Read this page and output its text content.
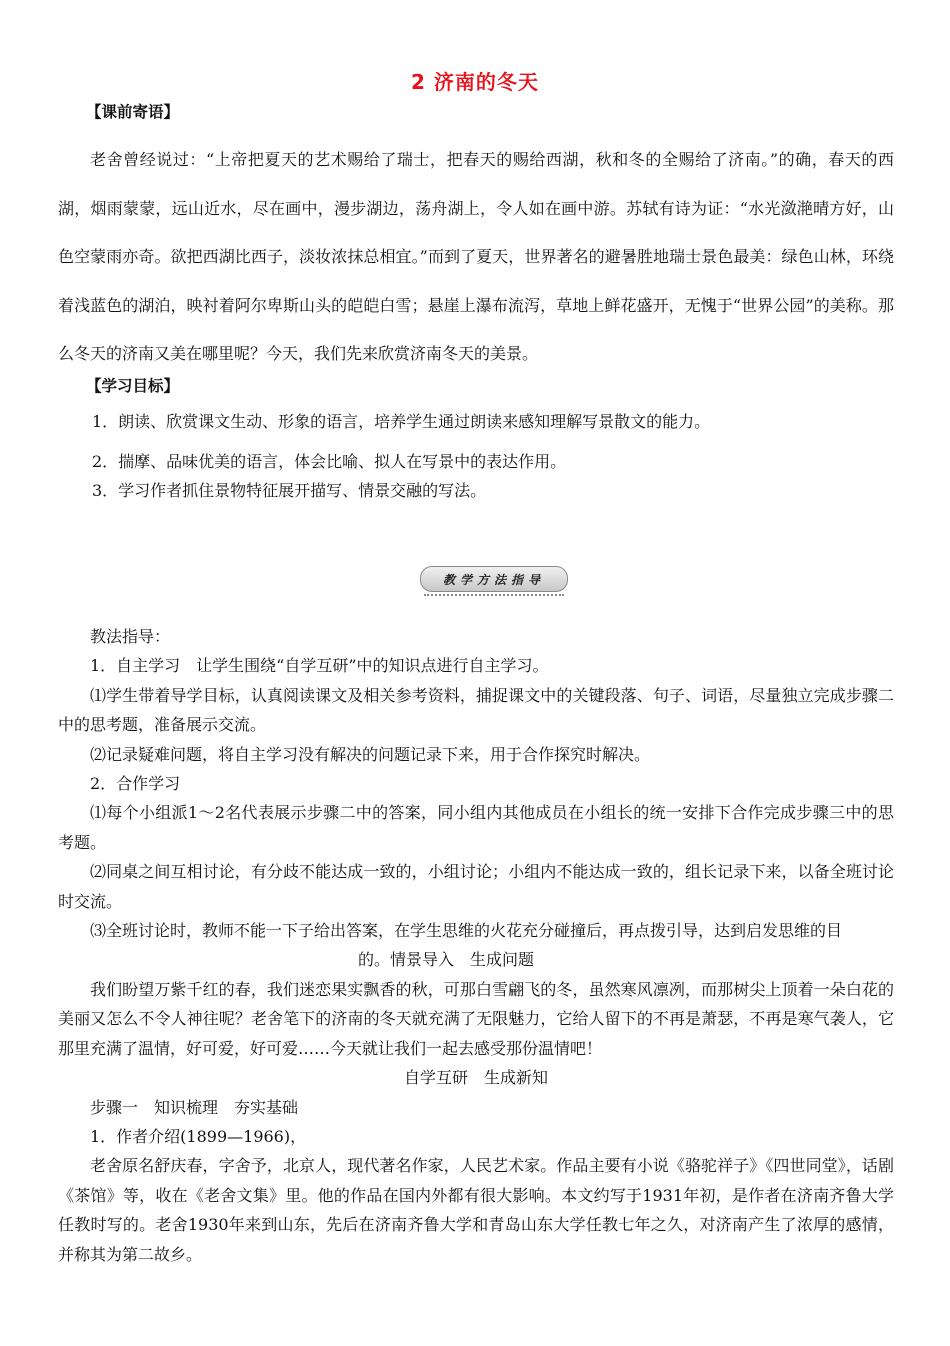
2 济南的冬天
【课前寄语】
老舍曾经说过：“上帝把夏天的艺术赐给了瑞士，把春天的赐给西湖，秋和冬的全赐给了济南。”的确，春天的西湖，烟雨蒙蒙，远山近水，尽在画中，漫步湖边，荡舟湖上，令人如在画中游。苏轼有诗为证：“水光潋滟晴方好，山色空蒙雨亦奇。欲把西湖比西子，淡妆浓抹总相宜。”而到了夏天，世界著名的避暑胜地瑞士景色最美：绿色山林，环绕着浅蓝色的湖泊，映衬着阿尔卑斯山头的皑皑白雪；悬崖上瀑布流泻，草地上鲜花盛开，无愧于“世界公园”的美称。那么冬天的济南又美在哪里呢？今天，我们先来欣赏济南冬天的美景。
【学习目标】
1．朗读、欣赏课文生动、形象的语言，培养学生通过朗读来感知理解写景散文的能力。
2．揣摩、品味优美的语言，体会比喻、拟人在写景中的表达作用。
3．学习作者抓住景物特征展开描写、情景交融的写法。
教学方法指导

教法指导：

1．自主学习　让学生围绕“自学互研”中的知识点进行自主学习。

⑴学生带着导学目标，认真阅读课文及相关参考资料，捕捉课文中的关键段落、句子、词语，尽量独立完成步骤二中的思考题，准备展示交流。

⑵记录疑难问题，将自主学习没有解决的问题记录下来，用于合作探究时解决。

2．合作学习

⑴每个小组派1～2名代表展示步骤二中的答案，同小组内其他成员在小组长的统一安排下合作完成步骤三中的思考题。

⑵同桌之间互相讨论，有分歧不能达成一致的，小组讨论；小组内不能达成一致的，组长记录下来，以备全班讨论时交流。

⑶全班讨论时，教师不能一下子给出答案，在学生思维的火花充分碰撞后，再点拨引导，达到启发思维的目

的。情景导入　生成问题

我们盼望万紫千红的春，我们迷恋果实飘香的秋，可那白雪翩飞的冬，虽然寒风凛冽，而那树尖上顶着一朵白花的美丽又怎么不令人神往呢？老舍笔下的济南的冬天就充满了无限魅力，它给人留下的不再是萧瑟，不再是寒气袭人，它那里充满了温情，好可爱，好可爱……今天就让我们一起去感受那份温情吧！

自学互研　生成新知

步骤一　知识梳理　夯实基础

1．作者介绍(1899—1966)，

老舍原名舒庆春，字舍予，北京人，现代著名作家，人民艺术家。作品主要有小说《骆驼祥子》《四世同堂》，话剧《茶馆》等，收在《老舍文集》里。他的作品在国内外都有很大影响。本文约写于1931年初，是作者在济南齐鲁大学任教时写的。老舍1930年来到山东，先后在济南齐鲁大学和青岛山东大学任教七年之久，对济南产生了浓厚的感情，并称其为第二故乡。
